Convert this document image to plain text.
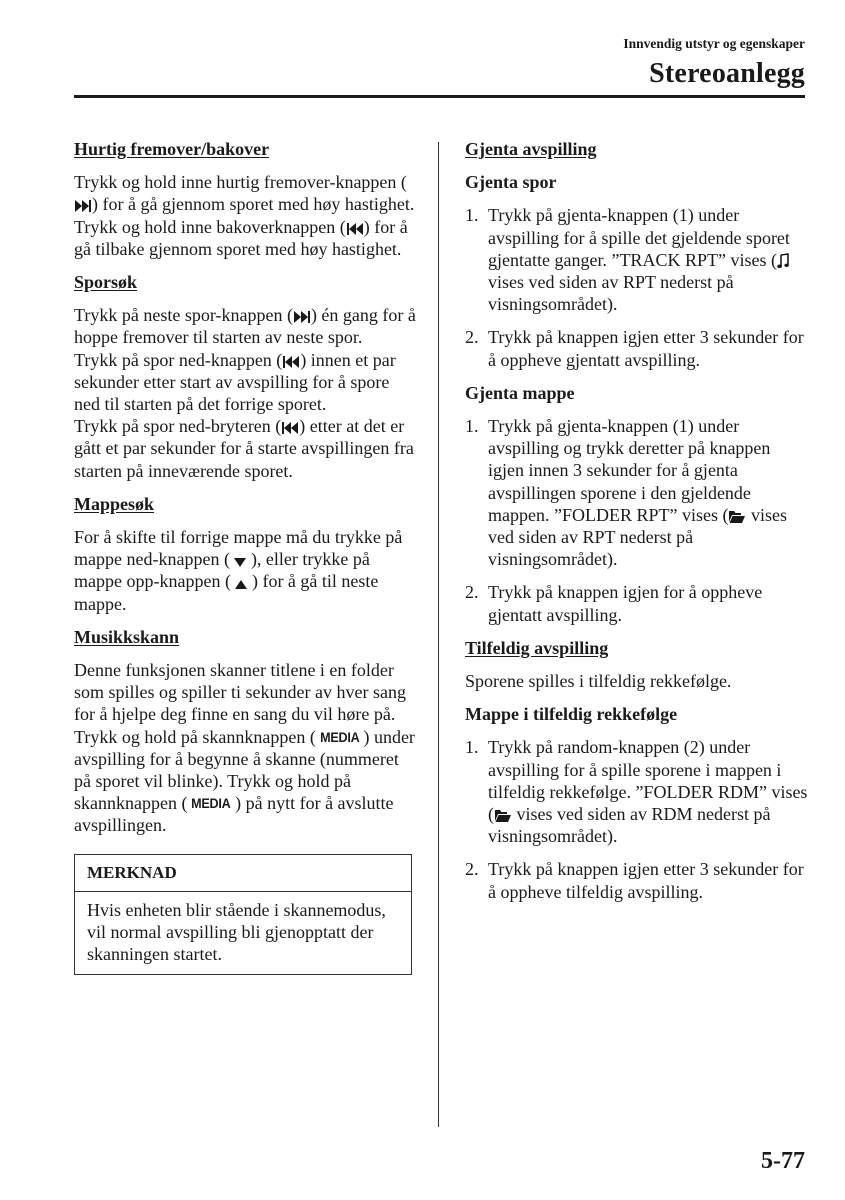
Innvendig utstyr og egenskaper
Stereoanlegg
Hurtig fremover/bakover

Trykk og hold inne hurtig fremover-knappen (
) for å gå gjennom sporet med høy hastighet.

Trykk og hold inne bakoverknappen ( ) for å gå tilbake gjennom sporet med høy hastighet.

Sporsøk

Trykk på neste spor-knappen ( ) én gang for å hoppe fremover til starten av neste spor.

Trykk på spor ned-knappen ( ) innen et par sekunder etter start av avspilling for å spore ned til starten på det forrige sporet.

Trykk på spor ned-bryteren ( ) etter at det er gått et par sekunder for å starte avspillingen fra starten på inneværende sporet.

Mappesøk

For å skifte til forrige mappe må du trykke på mappe ned-knappen (
), eller trykke på mappe opp-knappen (
) for å gå til neste mappe.

Musikkskann

Denne funksjonen skanner titlene i en folder som spilles og spiller ti sekunder av hver sang for å hjelpe deg finne en sang du vil høre på.

Trykk og hold på skannknappen ( MEDIA ) under avspilling for å begynne å skanne (nummeret på sporet vil blinke). Trykk og hold på skannknappen ( MEDIA ) på nytt for å avslutte avspillingen.

MERKNAD
Hvis enheten blir stående i skannemodus, vil normal avspilling bli gjenopptatt der skanningen startet.
Gjenta avspilling
Gjenta spor
1. Trykk på gjenta-knappen (1) under avspilling for å spille det gjeldende sporet gjentatte ganger. ”TRACK RPT” vises (
vises ved siden av RPT nederst på visningsområdet).
2. Trykk på knappen igjen etter 3 sekunder for å oppheve gjentatt avspilling.
Gjenta mappe
1. Trykk på gjenta-knappen (1) under avspilling og trykk deretter på knappen igjen innen 3 sekunder for å gjenta avspillingen sporene i den gjeldende mappen. ”FOLDER RPT” vises (
vises ved siden av RPT nederst på visningsområdet).
2. Trykk på knappen igjen for å oppheve gjentatt avspilling.
Tilfeldig avspilling

Sporene spilles i tilfeldig rekkefølge.

Mappe i tilfeldig rekkefølge
1. Trykk på random-knappen (2) under avspilling for å spille sporene i mappen i tilfeldig rekkefølge. ”FOLDER RDM” vises (
vises ved siden av RDM nederst på visningsområdet).
2. Trykk på knappen igjen etter 3 sekunder for å oppheve tilfeldig avspilling.
5-77
